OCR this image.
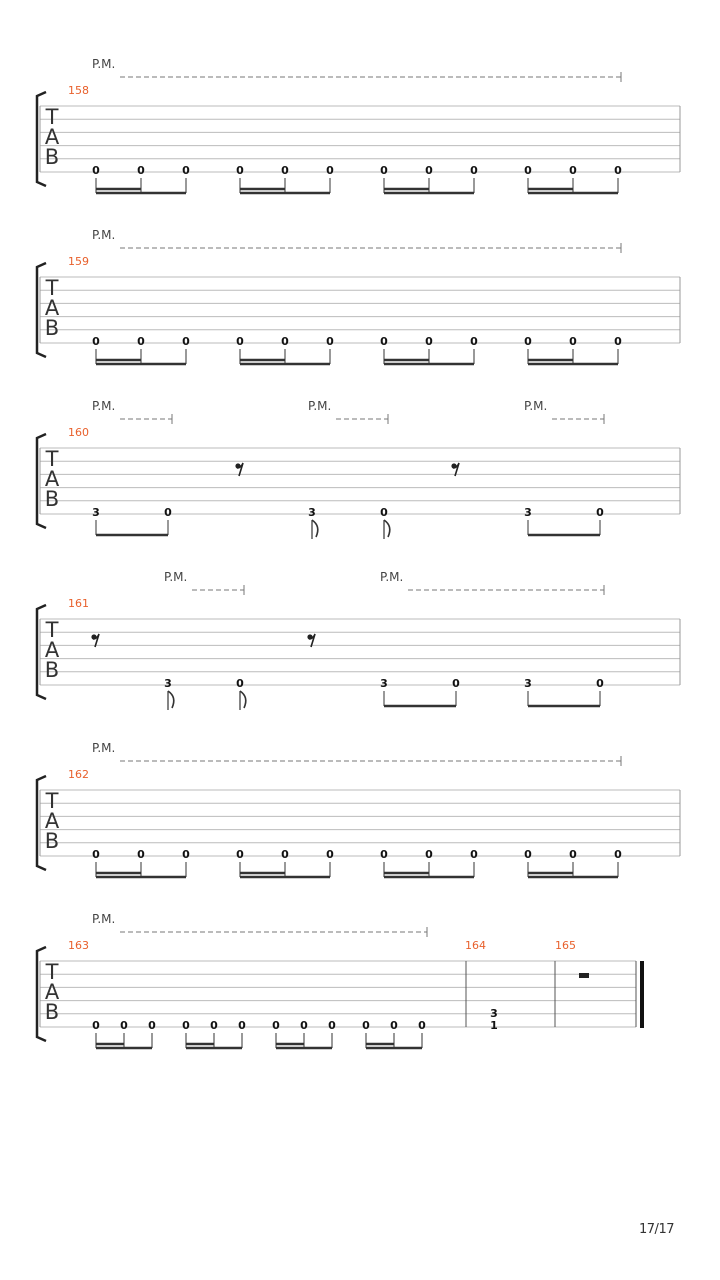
T
A
B
158
0	0	0	0	0	0	0	0	0	0	0	0
P.M.
T
A
B
159
0	0	0	0	0	0	0	0	0	0	0	0
P.M.
T
A
B
160
3	0	3	0	3	0
P.M.	P.M.	P.M.
T
A
B
161
3	0	3	0	3	0
P.M.	P.M.
T
A
B
162
0	0	0	0	0	0	0	0	0	0	0	0
P.M.
T
A
B
163
0 0 0 0 0 0 0 0 0 0 0 0
P.M.
164	165
3
1
17/17
